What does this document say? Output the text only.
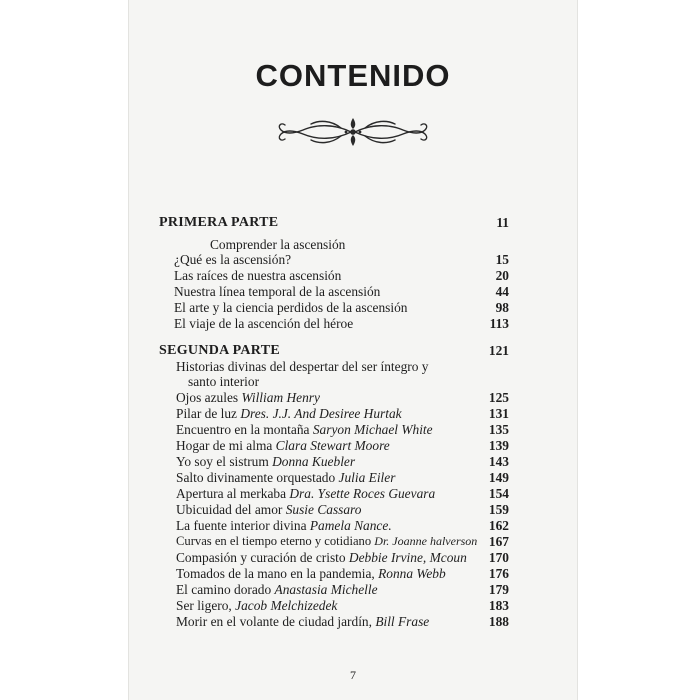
CONTENIDO
PRIMERA PARTE	11
Comprender la ascensión
¿Qué es la ascensión?	15
Las raíces de nuestra ascensión	20
Nuestra línea temporal de la ascensión	44
El arte y la ciencia perdidos de la ascensión	98
El viaje de la ascención del héroe	113
SEGUNDA PARTE	121
Historias divinas del despertar del ser íntegro y
santo interior
Ojos azules William Henry	125
Pilar de luz Dres. J.J. And Desiree Hurtak	131
Encuentro en la montaña Saryon Michael White	135
Hogar de mi alma Clara Stewart Moore	139
Yo soy el sistrum Donna Kuebler	143
Salto divinamente orquestado Julia Eiler	149
Apertura al merkaba Dra. Ysette Roces Guevara	154
Ubicuidad del amor Susie Cassaro	159
La fuente interior divina Pamela Nance.	162
Curvas en el tiempo eterno y cotidiano Dr. Joanne halverson 167
Compasión y curación de cristo Debbie Irvine, Mcoun 170
Tomados de la mano en la pandemia, Ronna Webb	176
El camino dorado Anastasia Michelle	179
Ser ligero, Jacob Melchizedek	183
Morir en el volante de ciudad jardín, Bill Frase	188
7
